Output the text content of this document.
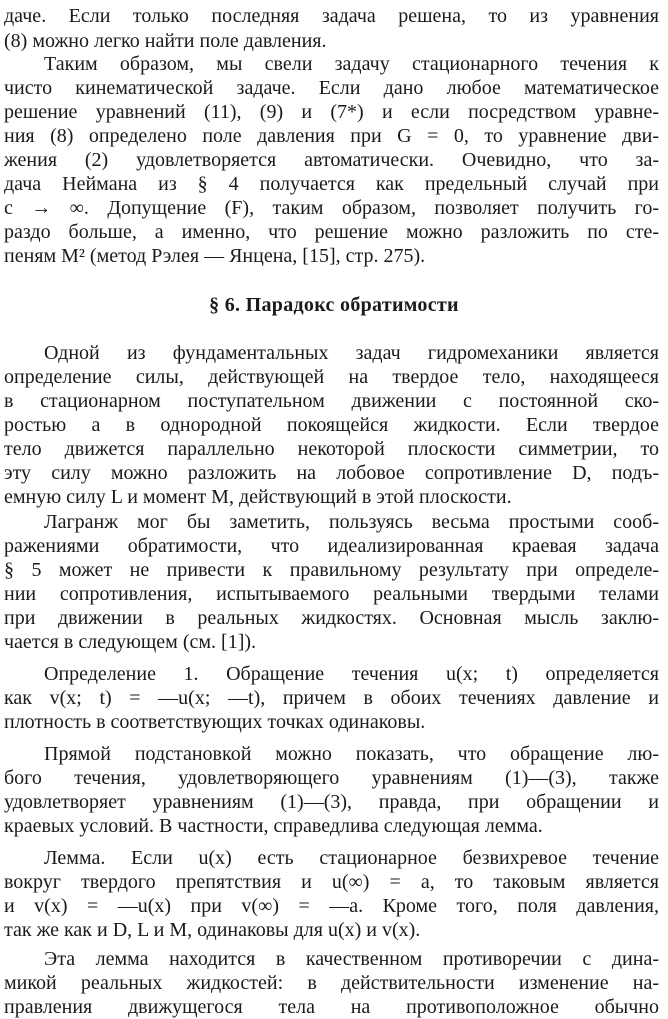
даче. Если только последняя задача решена, то из уравнения
(8) можно легко найти поле давления.
Таким образом, мы свели задачу стационарного течения к
чисто кинематической задаче. Если дано любое математическое
решение уравнений (11), (9) и (7*) и если посредством уравне-
ния (8) определено поле давления при G = 0, то уравнение дви-
жения (2) удовлетворяется автоматически. Очевидно, что за-
дача Неймана из § 4 получается как предельный случай при
c → ∞. Допущение (F), таким образом, позволяет получить го-
раздо больше, а именно, что решение можно разложить по сте-
пеням M² (метод Рэлея — Янцена, [15], стр. 275).
§ 6. Парадокс обратимости
Одной из фундаментальных задач гидромеханики является
определение силы, действующей на твердое тело, находящееся
в стационарном поступательном движении с постоянной ско-
ростью a в однородной покоящейся жидкости. Если твердое
тело движется параллельно некоторой плоскости симметрии, то
эту силу можно разложить на лобовое сопротивление D, подъ-
емную силу L и момент M, действующий в этой плоскости.
Лагранж мог бы заметить, пользуясь весьма простыми сооб-
ражениями обратимости, что идеализированная краевая задача
§ 5 может не привести к правильному результату при определе-
нии сопротивления, испытываемого реальными твердыми телами
при движении в реальных жидкостях. Основная мысль заклю-
чается в следующем (см. [1]).
Определение 1. Обращение течения u(x; t) определяется
как v(x; t) = —u(x; —t), причем в обоих течениях давление и
плотность в соответствующих точках одинаковы.
Прямой подстановкой можно показать, что обращение лю-
бого течения, удовлетворяющего уравнениям (1)—(3), также
удовлетворяет уравнениям (1)—(3), правда, при обращении и
краевых условий. В частности, справедлива следующая лемма.
Лемма. Если u(x) есть стационарное безвихревое течение
вокруг твердого препятствия и u(∞) = a, то таковым является
и v(x) = —u(x) при v(∞) = —a. Кроме того, поля давления,
так же как и D, L и M, одинаковы для u(x) и v(x).
Эта лемма находится в качественном противоречии с дина-
микой реальных жидкостей: в действительности изменение на-
правления движущегося тела на противоположное обычно
